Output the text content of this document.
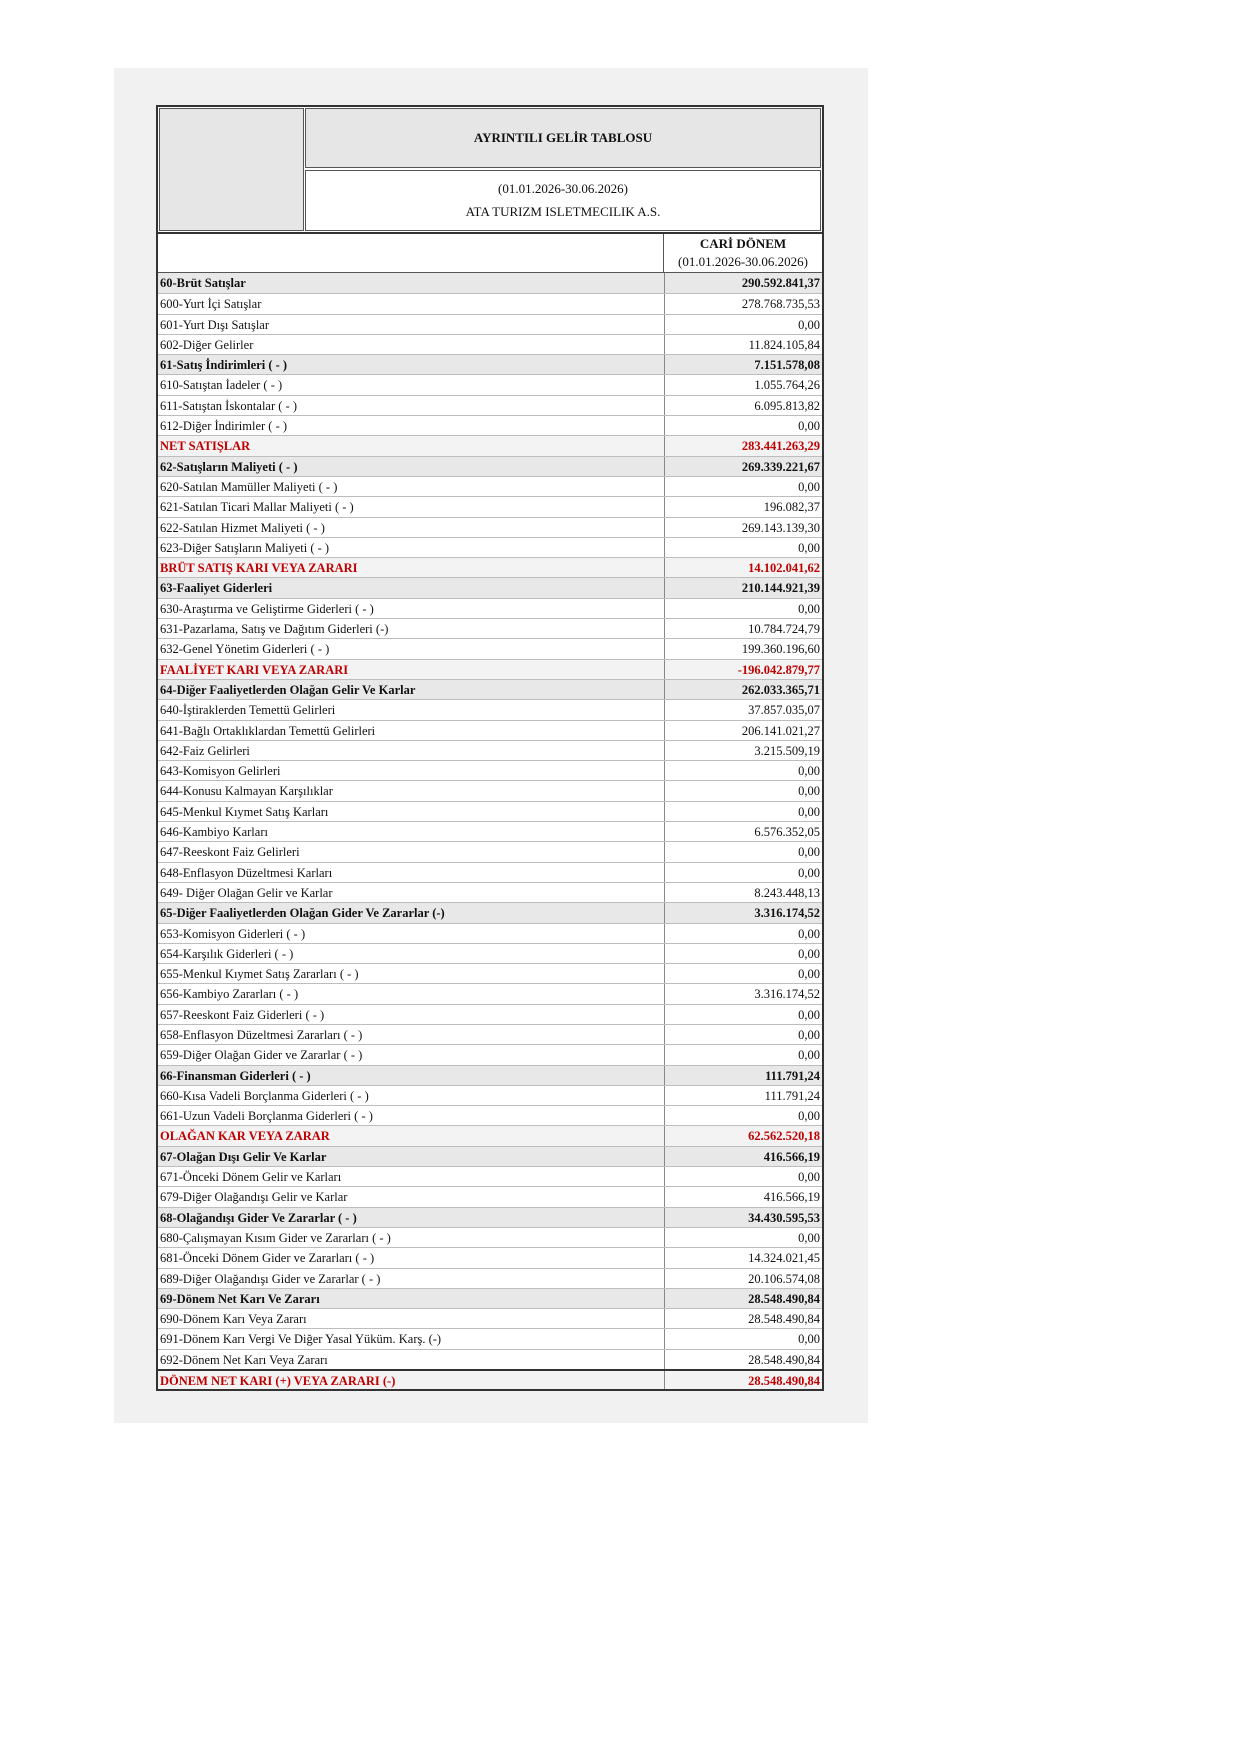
AYRINTILI GELİR TABLOSU
(01.01.2026-30.06.2026)
ATA TURIZM ISLETMECILIK A.S.
CARİ DÖNEM
(01.01.2026-30.06.2026)
60-Brüt Satışlar	290.592.841,37
600-Yurt İçi Satışlar	278.768.735,53
601-Yurt Dışı Satışlar	0,00
602-Diğer Gelirler	11.824.105,84
61-Satış İndirimleri ( - )	7.151.578,08
610-Satıştan İadeler ( - )	1.055.764,26
611-Satıştan İskontalar ( - )	6.095.813,82
612-Diğer İndirimler ( - )	0,00
NET SATIŞLAR	283.441.263,29
62-Satışların Maliyeti ( - )	269.339.221,67
620-Satılan Mamüller Maliyeti ( - )	0,00
621-Satılan Ticari Mallar Maliyeti ( - )	196.082,37
622-Satılan Hizmet Maliyeti ( - )	269.143.139,30
623-Diğer Satışların Maliyeti ( - )	0,00
BRÜT SATIŞ KARI VEYA ZARARI	14.102.041,62
63-Faaliyet Giderleri	210.144.921,39
630-Araştırma ve Geliştirme Giderleri ( - )	0,00
631-Pazarlama, Satış ve Dağıtım Giderleri (-)	10.784.724,79
632-Genel Yönetim Giderleri ( - )	199.360.196,60
FAALİYET KARI VEYA ZARARI	-196.042.879,77
64-Diğer Faaliyetlerden Olağan Gelir Ve Karlar	262.033.365,71
640-İştiraklerden Temettü Gelirleri	37.857.035,07
641-Bağlı Ortaklıklardan Temettü Gelirleri	206.141.021,27
642-Faiz Gelirleri	3.215.509,19
643-Komisyon Gelirleri	0,00
644-Konusu Kalmayan Karşılıklar	0,00
645-Menkul Kıymet Satış Karları	0,00
646-Kambiyo Karları	6.576.352,05
647-Reeskont Faiz Gelirleri	0,00
648-Enflasyon Düzeltmesi Karları	0,00
649- Diğer Olağan Gelir ve Karlar	8.243.448,13
65-Diğer Faaliyetlerden Olağan Gider Ve Zararlar (-)	3.316.174,52
653-Komisyon Giderleri ( - )	0,00
654-Karşılık Giderleri ( - )	0,00
655-Menkul Kıymet Satış Zararları ( - )	0,00
656-Kambiyo Zararları ( - )	3.316.174,52
657-Reeskont Faiz Giderleri ( - )	0,00
658-Enflasyon Düzeltmesi Zararları ( - )	0,00
659-Diğer Olağan Gider ve Zararlar ( - )	0,00
66-Finansman Giderleri ( - )	111.791,24
660-Kısa Vadeli Borçlanma Giderleri ( - )	111.791,24
661-Uzun Vadeli Borçlanma Giderleri ( - )	0,00
OLAĞAN KAR VEYA ZARAR	62.562.520,18
67-Olağan Dışı Gelir Ve Karlar	416.566,19
671-Önceki Dönem Gelir ve Karları	0,00
679-Diğer Olağandışı Gelir ve Karlar	416.566,19
68-Olağandışı Gider Ve Zararlar ( - )	34.430.595,53
680-Çalışmayan Kısım Gider ve Zararları ( - )	0,00
681-Önceki Dönem Gider ve Zararları ( - )	14.324.021,45
689-Diğer Olağandışı Gider ve Zararlar ( - )	20.106.574,08
69-Dönem Net Karı Ve Zararı	28.548.490,84
690-Dönem Karı Veya Zararı	28.548.490,84
691-Dönem Karı Vergi Ve Diğer Yasal Yüküm. Karş. (-)	0,00
692-Dönem Net Karı Veya Zararı	28.548.490,84
DÖNEM NET KARI (+) VEYA ZARARI (-)	28.548.490,84
